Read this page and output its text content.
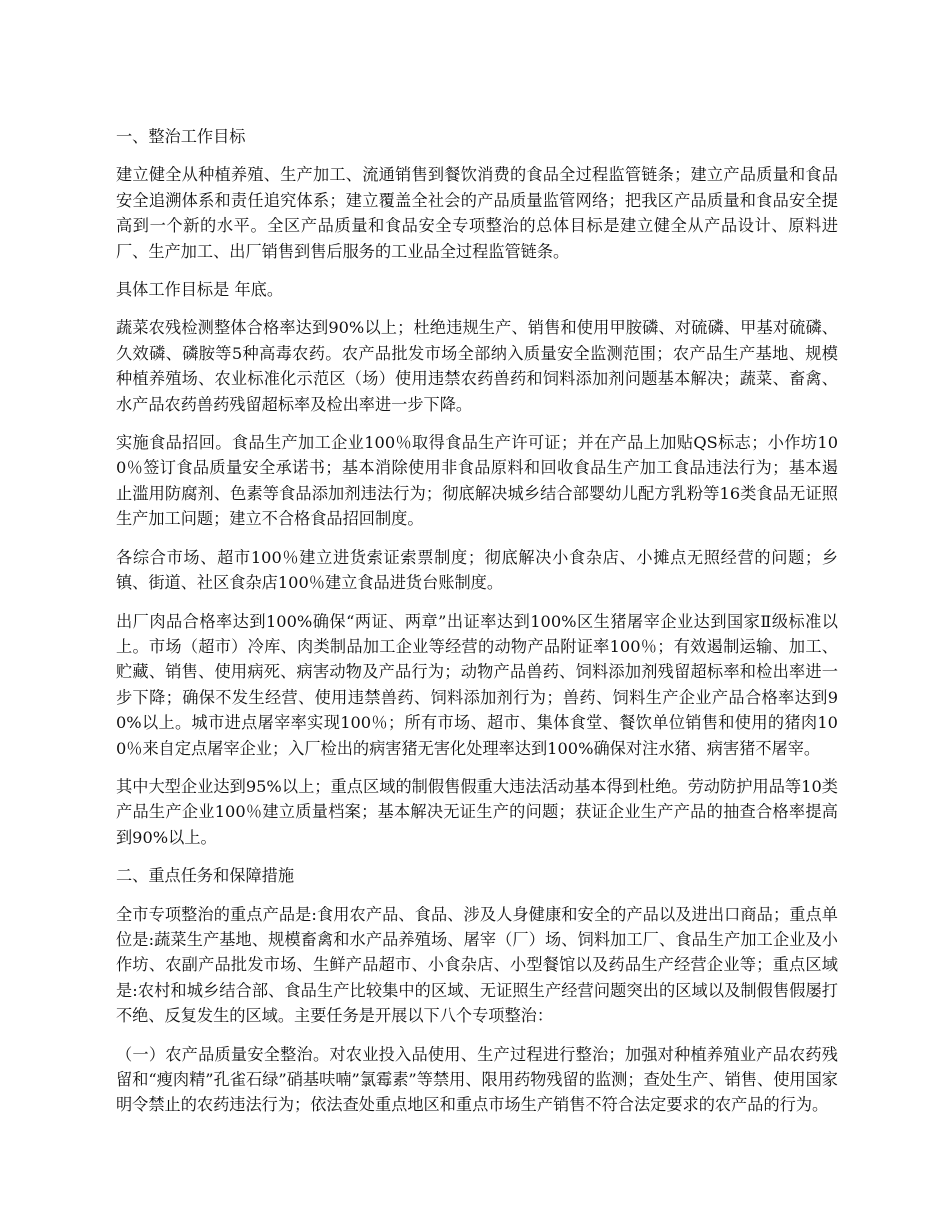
一、整治工作目标

建立健全从种植养殖、生产加工、流通销售到餐饮消费的食品全过程监管链条；建立产品质量和食品安全追溯体系和责任追究体系；建立覆盖全社会的产品质量监管网络；把我区产品质量和食品安全提高到一个新的水平。全区产品质量和食品安全专项整治的总体目标是建立健全从产品设计、原料进厂、生产加工、出厂销售到售后服务的工业品全过程监管链条。

具体工作目标是 年底。

蔬菜农残检测整体合格率达到90%以上；杜绝违规生产、销售和使用甲胺磷、对硫磷、甲基对硫磷、久效磷、磷胺等5种高毒农药。农产品批发市场全部纳入质量安全监测范围；农产品生产基地、规模种植养殖场、农业标准化示范区（场）使用违禁农药兽药和饲料添加剂问题基本解决；蔬菜、畜禽、水产品农药兽药残留超标率及检出率进一步下降。

实施食品招回。食品生产加工企业100％取得食品生产许可证；并在产品上加贴QS标志；小作坊100％签订食品质量安全承诺书；基本消除使用非食品原料和回收食品生产加工食品违法行为；基本遏止滥用防腐剂、色素等食品添加剂违法行为；彻底解决城乡结合部婴幼儿配方乳粉等16类食品无证照生产加工问题；建立不合格食品招回制度。

各综合市场、超市100％建立进货索证索票制度；彻底解决小食杂店、小摊点无照经营的问题；乡镇、街道、社区食杂店100％建立食品进货台账制度。

出厂肉品合格率达到100%确保“两证、两章”出证率达到100%区生猪屠宰企业达到国家Ⅱ级标准以上。市场（超市）冷库、肉类制品加工企业等经营的动物产品附证率100％；有效遏制运输、加工、贮藏、销售、使用病死、病害动物及产品行为；动物产品兽药、饲料添加剂残留超标率和检出率进一步下降；确保不发生经营、使用违禁兽药、饲料添加剂行为；兽药、饲料生产企业产品合格率达到90%以上。城市进点屠宰率实现100％；所有市场、超市、集体食堂、餐饮单位销售和使用的猪肉100％来自定点屠宰企业；入厂检出的病害猪无害化处理率达到100%确保对注水猪、病害猪不屠宰。

其中大型企业达到95%以上；重点区域的制假售假重大违法活动基本得到杜绝。劳动防护用品等10类产品生产企业100％建立质量档案；基本解决无证生产的问题；获证企业生产产品的抽查合格率提高到90%以上。

二、重点任务和保障措施

全市专项整治的重点产品是:食用农产品、食品、涉及人身健康和安全的产品以及进出口商品；重点单位是:蔬菜生产基地、规模畜禽和水产品养殖场、屠宰（厂）场、饲料加工厂、食品生产加工企业及小作坊、农副产品批发市场、生鲜产品超市、小食杂店、小型餐馆以及药品生产经营企业等；重点区域是:农村和城乡结合部、食品生产比较集中的区域、无证照生产经营问题突出的区域以及制假售假屡打不绝、反复发生的区域。主要任务是开展以下八个专项整治：

（一）农产品质量安全整治。对农业投入品使用、生产过程进行整治；加强对种植养殖业产品农药残留和“瘦肉精”孔雀石绿”硝基呋喃”氯霉素”等禁用、限用药物残留的监测；查处生产、销售、使用国家明令禁止的农药违法行为；依法查处重点地区和重点市场生产销售不符合法定要求的农产品的行为。
